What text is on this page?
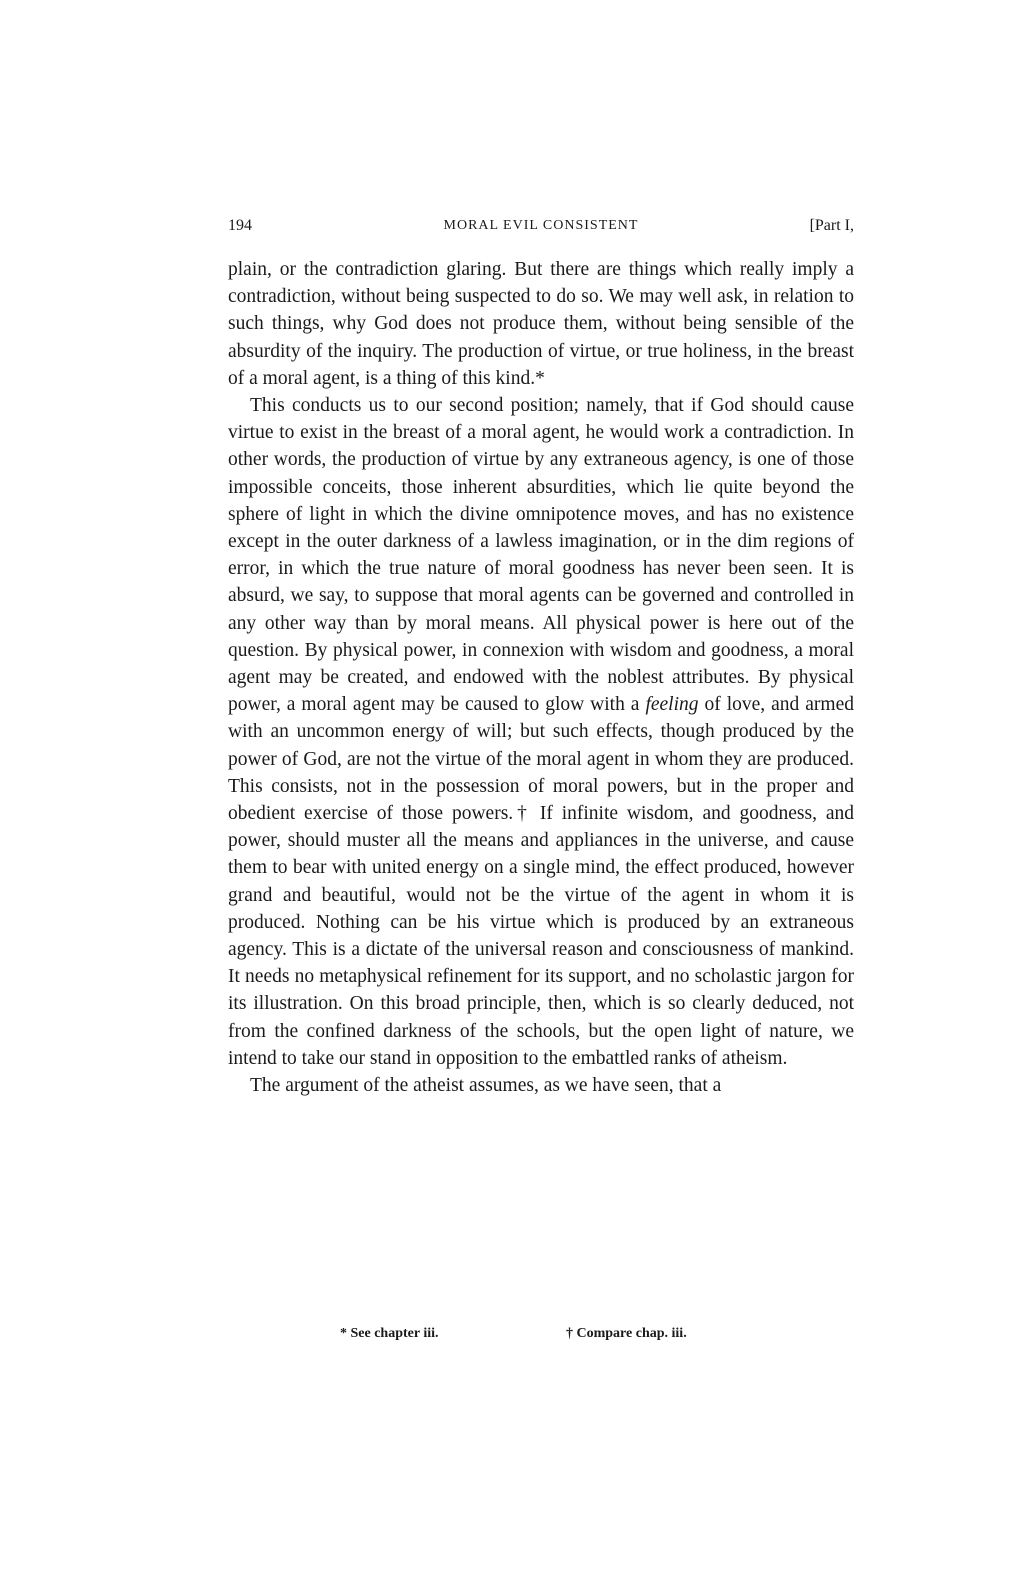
194	MORAL EVIL CONSISTENT	[Part I,

plain, or the contradiction glaring. But there are things which really imply a contradiction, without being suspected to do so. We may well ask, in relation to such things, why God does not produce them, without being sensible of the absurdity of the inquiry. The production of virtue, or true holiness, in the breast of a moral agent, is a thing of this kind.*

This conducts us to our second position; namely, that if God should cause virtue to exist in the breast of a moral agent, he would work a contradiction. In other words, the production of virtue by any extraneous agency, is one of those impossible conceits, those inherent absurdities, which lie quite beyond the sphere of light in which the divine omnipotence moves, and has no existence except in the outer darkness of a lawless imagination, or in the dim regions of error, in which the true nature of moral goodness has never been seen. It is absurd, we say, to suppose that moral agents can be governed and controlled in any other way than by moral means. All physical power is here out of the question. By physical power, in connexion with wisdom and goodness, a moral agent may be created, and endowed with the noblest attributes. By physical power, a moral agent may be caused to glow with a feeling of love, and armed with an uncommon energy of will; but such effects, though produced by the power of God, are not the virtue of the moral agent in whom they are produced. This consists, not in the possession of moral powers, but in the proper and obedient exercise of those powers.† If infinite wisdom, and goodness, and power, should muster all the means and appliances in the universe, and cause them to bear with united energy on a single mind, the effect produced, however grand and beautiful, would not be the virtue of the agent in whom it is produced. Nothing can be his virtue which is produced by an extraneous agency. This is a dictate of the universal reason and consciousness of mankind. It needs no metaphysical refinement for its support, and no scholastic jargon for its illustration. On this broad principle, then, which is so clearly deduced, not from the confined darkness of the schools, but the open light of nature, we intend to take our stand in opposition to the embattled ranks of atheism.

The argument of the atheist assumes, as we have seen, that a

* See chapter iii.	† Compare chap. iii.
